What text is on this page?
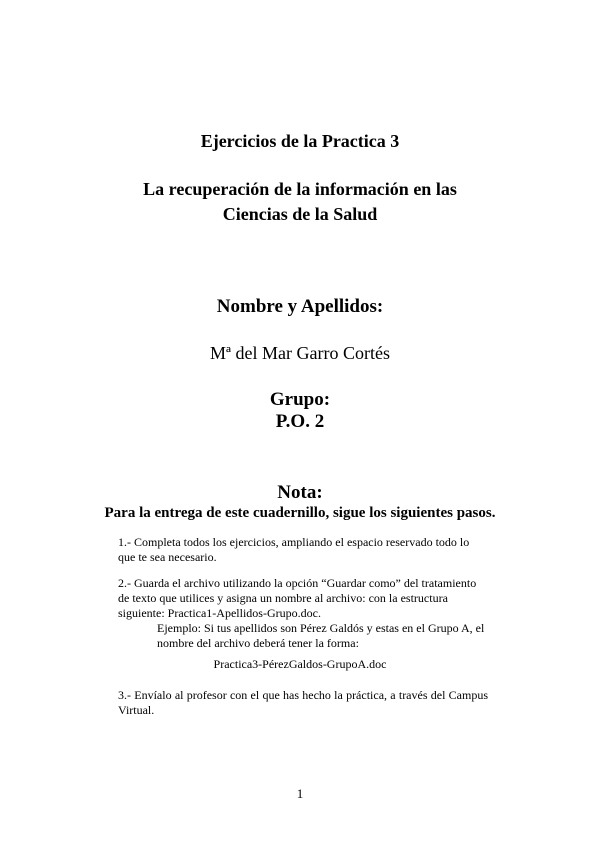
Ejercicios de la Practica 3
La recuperación de la información en las
Ciencias de la Salud
Nombre y Apellidos:
Mª del Mar Garro Cortés
Grupo:
P.O. 2
Nota:
Para la entrega de este cuadernillo, sigue los siguientes pasos.
1.- Completa todos los ejercicios, ampliando el espacio reservado todo lo que te sea necesario.
2.- Guarda el archivo utilizando la opción “Guardar como” del tratamiento de texto que utilices y asigna un nombre al archivo: con la estructura siguiente: Practica1-Apellidos-Grupo.doc.
Ejemplo: Si tus apellidos son Pérez Galdós y estas en el Grupo A, el nombre del archivo deberá tener la forma:
Practica3-PérezGaldos-GrupoA.doc
3.- Envíalo al profesor con el que has hecho la práctica, a través del Campus Virtual.
1
